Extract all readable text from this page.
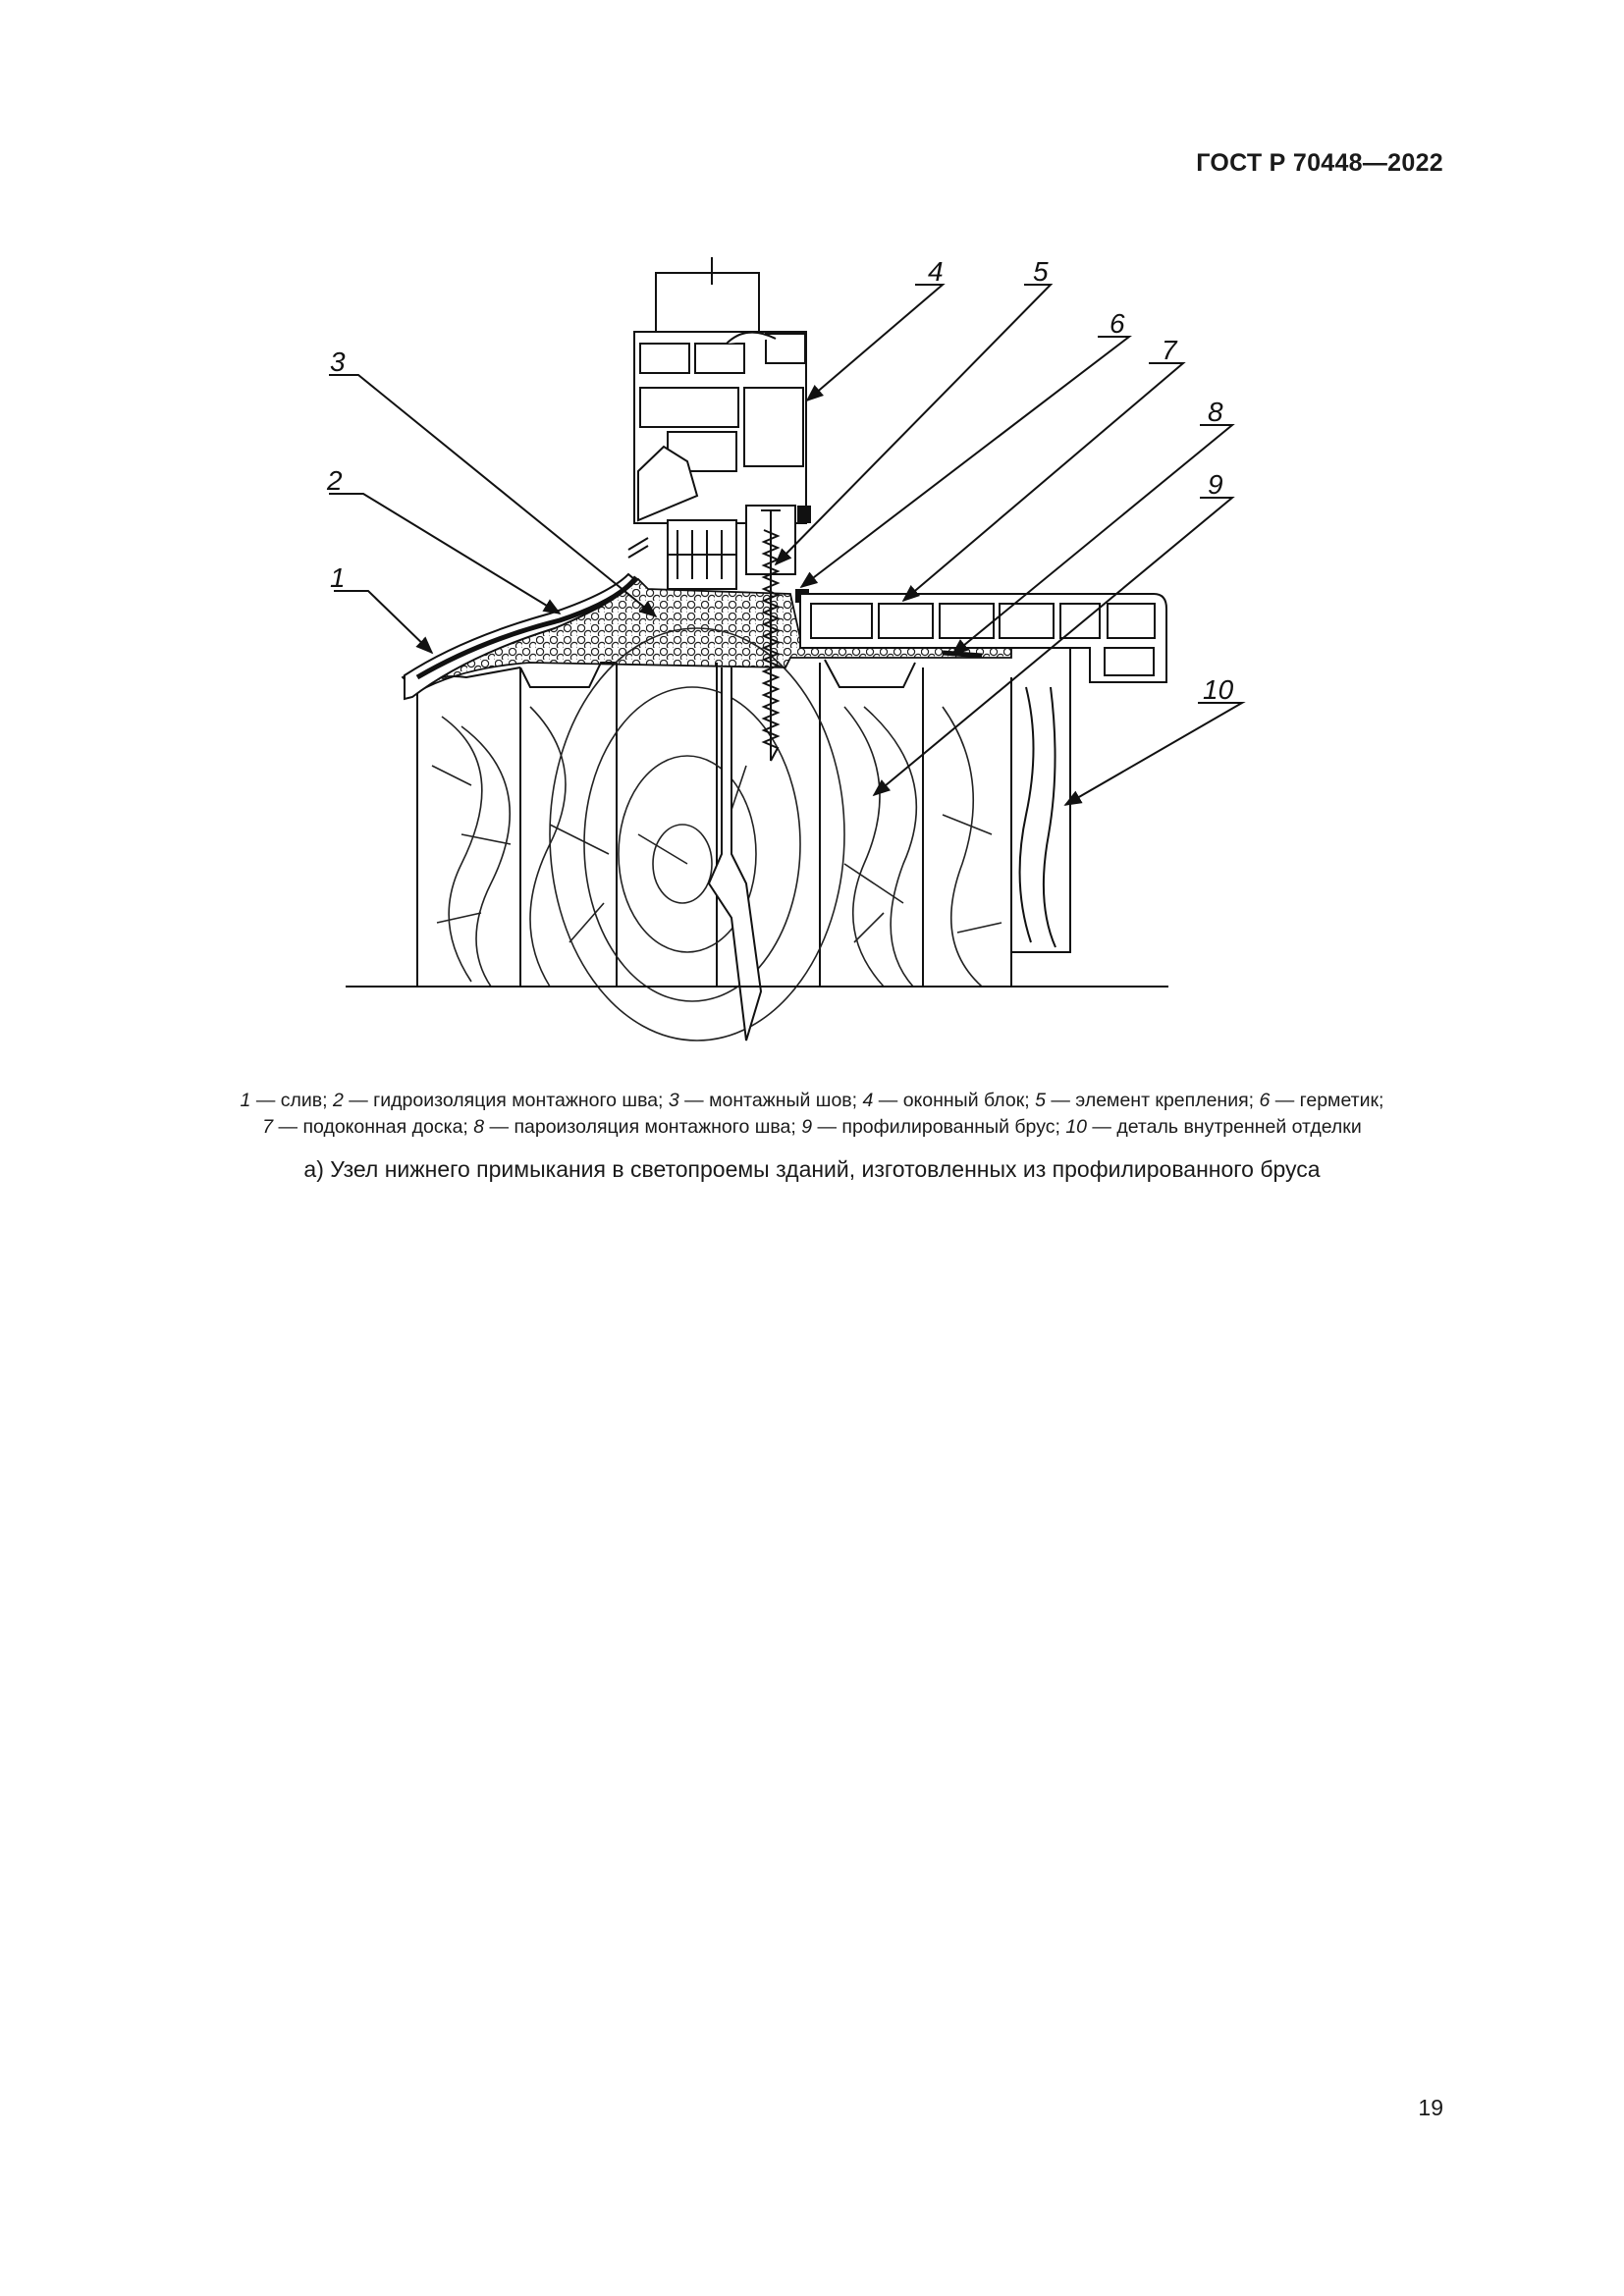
ГОСТ Р 70448—2022
1
2
3
4	5
6
7
8
9
10
1 — слив; 2 — гидроизоляция монтажного шва; 3 — монтажный шов; 4 — оконный блок; 5 — элемент крепления; 6 — герметик;
7 — подоконная доска; 8 — пароизоляция монтажного шва; 9 — профилированный брус; 10 — деталь внутренней отделки
а) Узел нижнего примыкания в светопроемы зданий, изготовленных из профилированного бруса
19
